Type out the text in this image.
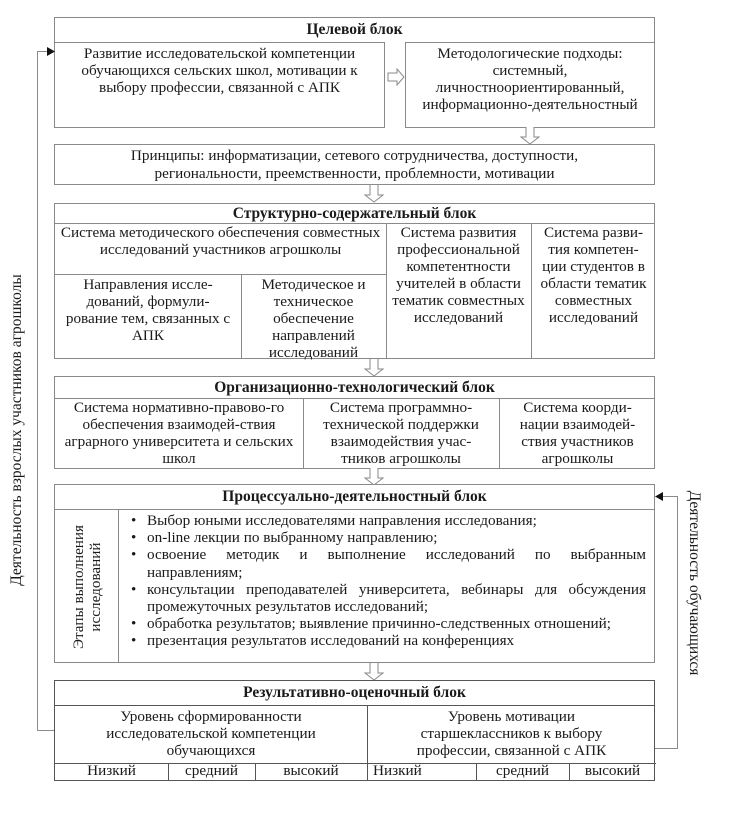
Целевой блок
Развитие исследовательской компетенции обучающихся сельских школ, мотивации к выбору профессии, связанной с АПК
Методологические подходы: системный, личностноориентированный, информационно-деятельностный
Принципы: информатизации, сетевого сотрудничества, доступности,
региональности, преемственности, проблемности, мотивации
Структурно-содержательный блок
Система методического обеспечения совместных исследований участников агрошколы
Направления иссле-дований, формули-рование тем, связанных с АПК
Методическое и техническое обеспечение направлений исследований
Система развития профессиональной компетентности учителей в области тематик совместных исследований
Система разви-тия компетен-ции студентов в области тематик совместных исследований
Организационно-технологический блок
Система нормативно-правово-го обеспечения взаимодей-ствия аграрного университета и сельских школ
Система программно-технической поддержки взаимодействия учас-тников агрошколы
Система коорди-нации взаимодей-ствия участников агрошколы
Процессуально-деятельностный блок
Этапы выполнения исследований
• Выбор юными исследователями направления исследования;
• on-line лекции по выбранному направлению;
• освоение методик и выполнение исследований по выбранным направлениям;
• консультации преподавателей университета, вебинары для обсуждения промежуточных результатов исследований;
• обработка результатов; выявление причинно-следственных отношений;
• презентация результатов исследований на конференциях
Результативно-оценочный блок
Уровень сформированности исследовательской компетенции обучающихся
Уровень мотивации старшеклассников к выбору профессии, связанной с АПК
Низкий	средний	высокий	Низкий	средний	высокий
Деятельность взрослых участников агрошколы	Деятельность обучающихся
